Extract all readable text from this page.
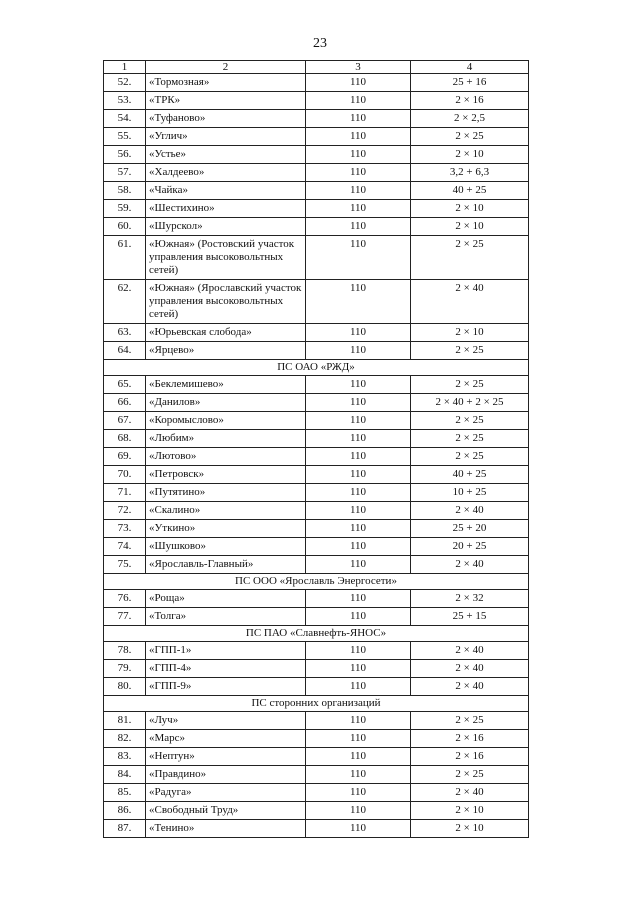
23
1	2	3	4
52.	«Тормозная»	110	25 + 16
53.	«ТРК»	110	2 × 16
54.	«Туфаново»	110	2 × 2,5
55.	«Углич»	110	2 × 25
56.	«Устье»	110	2 × 10
57.	«Халдеево»	110	3,2 + 6,3
58.	«Чайка»	110	40 + 25
59.	«Шестихино»	110	2 × 10
60.	«Шурскол»	110	2 × 10
61.	«Южная» (Ростовский участок управления высоковольтных сетей)	110	2 × 25
62.	«Южная» (Ярославский участок управления высоковольтных сетей)	110	2 × 40
63.	«Юрьевская слобода»	110	2 × 10
64.	«Ярцево»	110	2 × 25
ПС ОАО «РЖД»			
65.	«Беклемишево»	110	2 × 25
66.	«Данилов»	110	2 × 40 + 2 × 25
67.	«Коромыслово»	110	2 × 25
68.	«Любим»	110	2 × 25
69.	«Лютово»	110	2 × 25
70.	«Петровск»	110	40 + 25
71.	«Путятино»	110	10 + 25
72.	«Скалино»	110	2 × 40
73.	«Уткино»	110	25 + 20
74.	«Шушково»	110	20 + 25
75.	«Ярославль-Главный»	110	2 × 40
ПС ООО «Ярославль Энергосети»			
76.	«Роща»	110	2 × 32
77.	«Толга»	110	25 + 15
ПС ПАО «Славнефть-ЯНОС»			
78.	«ГПП-1»	110	2 × 40
79.	«ГПП-4»	110	2 × 40
80.	«ГПП-9»	110	2 × 40
ПС сторонних организаций			
81.	«Луч»	110	2 × 25
82.	«Марс»	110	2 × 16
83.	«Нептун»	110	2 × 16
84.	«Правдино»	110	2 × 25
85.	«Радуга»	110	2 × 40
86.	«Свободный Труд»	110	2 × 10
87.	«Тенино»	110	2 × 10
